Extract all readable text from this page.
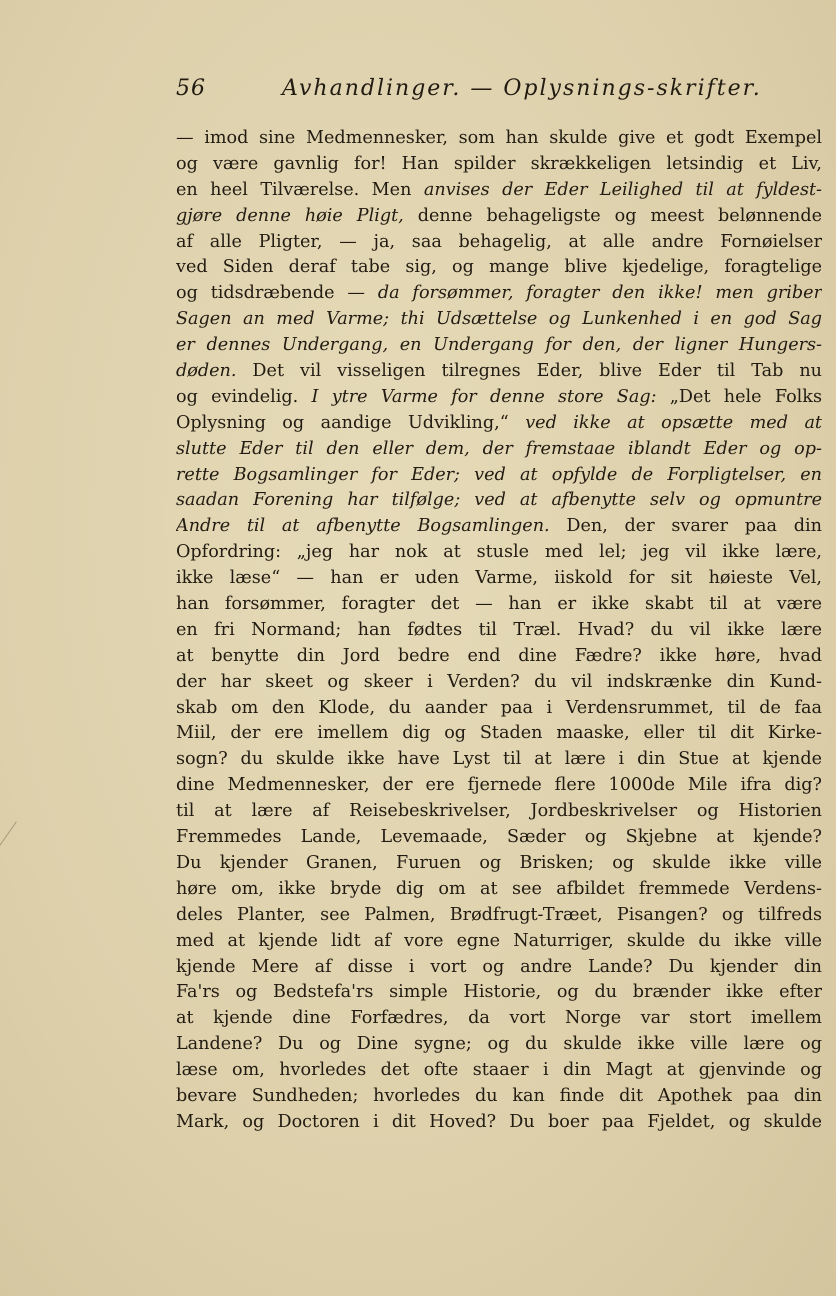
56	Avhandlinger. — Oplysnings-skrifter.
— imod sine Medmennesker, som han skulde give et godt Exempel
og være gavnlig for! Han spilder skrækkeligen letsindig et Liv,
en heel Tilværelse. Men anvises der Eder Leilighed til at fyldest-
gjøre denne høie Pligt, denne behageligste og meest belønnende
af alle Pligter, — ja, saa behagelig, at alle andre Fornøielser
ved Siden deraf tabe sig, og mange blive kjedelige, foragtelige
og tidsdræbende — da forsømmer, foragter den ikke! men griber
Sagen an med Varme; thi Udsættelse og Lunkenhed i en god Sag
er dennes Undergang, en Undergang for den, der ligner Hungers-
døden. Det vil visseligen tilregnes Eder, blive Eder til Tab nu
og evindelig. I ytre Varme for denne store Sag: „Det hele Folks
Oplysning og aandige Udvikling,“ ved ikke at opsætte med at
slutte Eder til den eller dem, der fremstaae iblandt Eder og op-
rette Bogsamlinger for Eder; ved at opfylde de Forpligtelser, en
saadan Forening har tilfølge; ved at afbenytte selv og opmuntre
Andre til at afbenytte Bogsamlingen. Den, der svarer paa din
Opfordring: „jeg har nok at stusle med lel; jeg vil ikke lære,
ikke læse“ — han er uden Varme, iiskold for sit høieste Vel,
han forsømmer, foragter det — han er ikke skabt til at være
en fri Normand; han fødtes til Træl. Hvad? du vil ikke lære
at benytte din Jord bedre end dine Fædre? ikke høre, hvad
der har skeet og skeer i Verden? du vil indskrænke din Kund-
skab om den Klode, du aander paa i Verdensrummet, til de faa
Miil, der ere imellem dig og Staden maaske, eller til dit Kirke-
sogn? du skulde ikke have Lyst til at lære i din Stue at kjende
dine Medmennesker, der ere fjernede flere 1000de Mile ifra dig?
til at lære af Reisebeskrivelser, Jordbeskrivelser og Historien
Fremmedes Lande, Levemaade, Sæder og Skjebne at kjende?
Du kjender Granen, Furuen og Brisken; og skulde ikke ville
høre om, ikke bryde dig om at see afbildet fremmede Verdens-
deles Planter, see Palmen, Brødfrugt-Træet, Pisangen? og tilfreds
med at kjende lidt af vore egne Naturriger, skulde du ikke ville
kjende Mere af disse i vort og andre Lande? Du kjender din
Fa'rs og Bedstefa'rs simple Historie, og du brænder ikke efter
at kjende dine Forfædres, da vort Norge var stort imellem
Landene? Du og Dine sygne; og du skulde ikke ville lære og
læse om, hvorledes det ofte staaer i din Magt at gjenvinde og
bevare Sundheden; hvorledes du kan finde dit Apothek paa din
Mark, og Doctoren i dit Hoved? Du boer paa Fjeldet, og skulde
